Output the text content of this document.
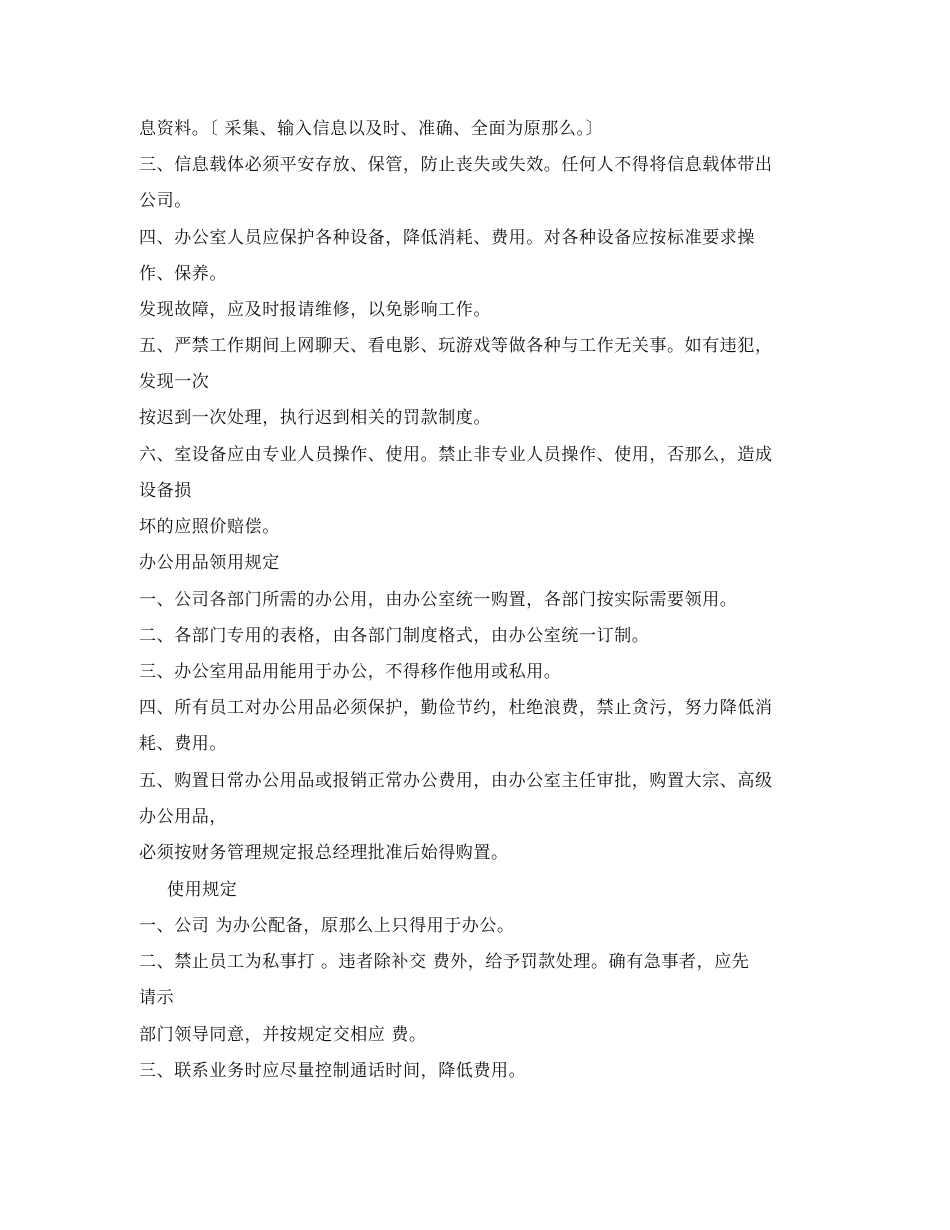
息资料。〔 采集、输入信息以及时、准确、全面为原那么。〕
三、信息载体必须平安存放、保管，防止丧失或失效。任何人不得将信息载体带出
公司。
四、办公室人员应保护各种设备，降低消耗、费用。对各种设备应按标准要求操
作、保养。
发现故障，应及时报请维修，以免影响工作。
五、严禁工作期间上网聊天、看电影、玩游戏等做各种与工作无关事。如有违犯，
发现一次
按迟到一次处理，执行迟到相关的罚款制度。
六、室设备应由专业人员操作、使用。禁止非专业人员操作、使用，否那么，造成
设备损
坏的应照价赔偿。
办公用品领用规定
一、公司各部门所需的办公用，由办公室统一购置，各部门按实际需要领用。
二、各部门专用的表格，由各部门制度格式，由办公室统一订制。
三、办公室用品用能用于办公，不得移作他用或私用。
四、所有员工对办公用品必须保护，勤俭节约，杜绝浪费，禁止贪污，努力降低消
耗、费用。
五、购置日常办公用品或报销正常办公费用，由办公室主任审批，购置大宗、高级
办公用品，
必须按财务管理规定报总经理批准后始得购置。
使用规定
一、公司 为办公配备，原那么上只得用于办公。
二、禁止员工为私事打 。违者除补交 费外，给予罚款处理。确有急事者，应先
请示
部门领导同意，并按规定交相应 费。
三、联系业务时应尽量控制通话时间，降低费用。
